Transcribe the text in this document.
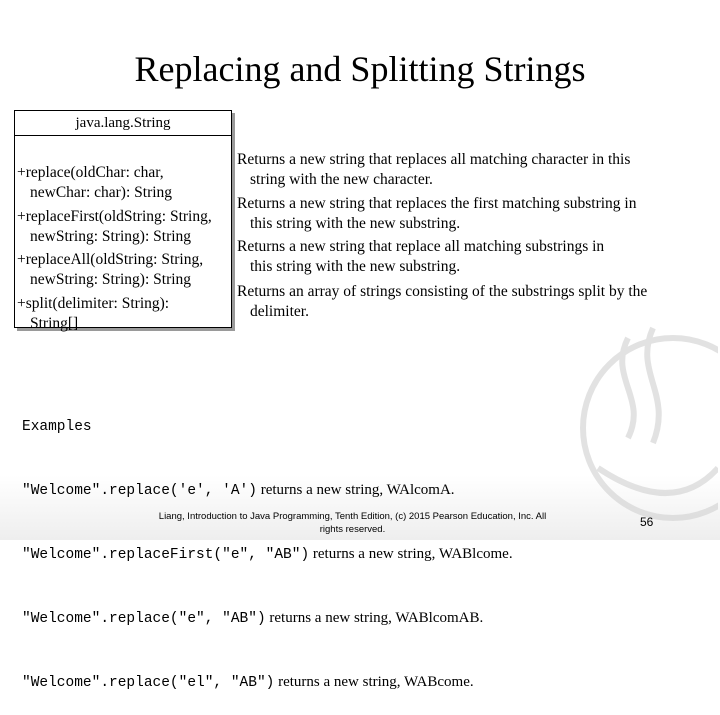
Replacing and Splitting Strings
java.lang.String
+replace(oldChar: char,
newChar: char): String
+replaceFirst(oldString: String,
newString: String): String
+replaceAll(oldString: String,
newString: String): String
+split(delimiter: String):
String[]
Returns a new string that replaces all matching character in this
string with the new character.
Returns a new string that replaces the first matching substring in
this string with the new substring.
Returns a new string that replace all matching substrings in
this string with the new substring.
Returns an array of strings consisting of the substrings split by the
delimiter.

Examples

"Welcome".replace('e', 'A') returns a new string, WAlcomA.

"Welcome".replaceFirst("e", "AB") returns a new string, WABlcome.

"Welcome".replace("e", "AB") returns a new string, WABlcomAB.

"Welcome".replace("el", "AB") returns a new string, WABcome.

Liang, Introduction to Java Programming, Tenth Edition, (c) 2015 Pearson Education, Inc. All
rights reserved.
56
